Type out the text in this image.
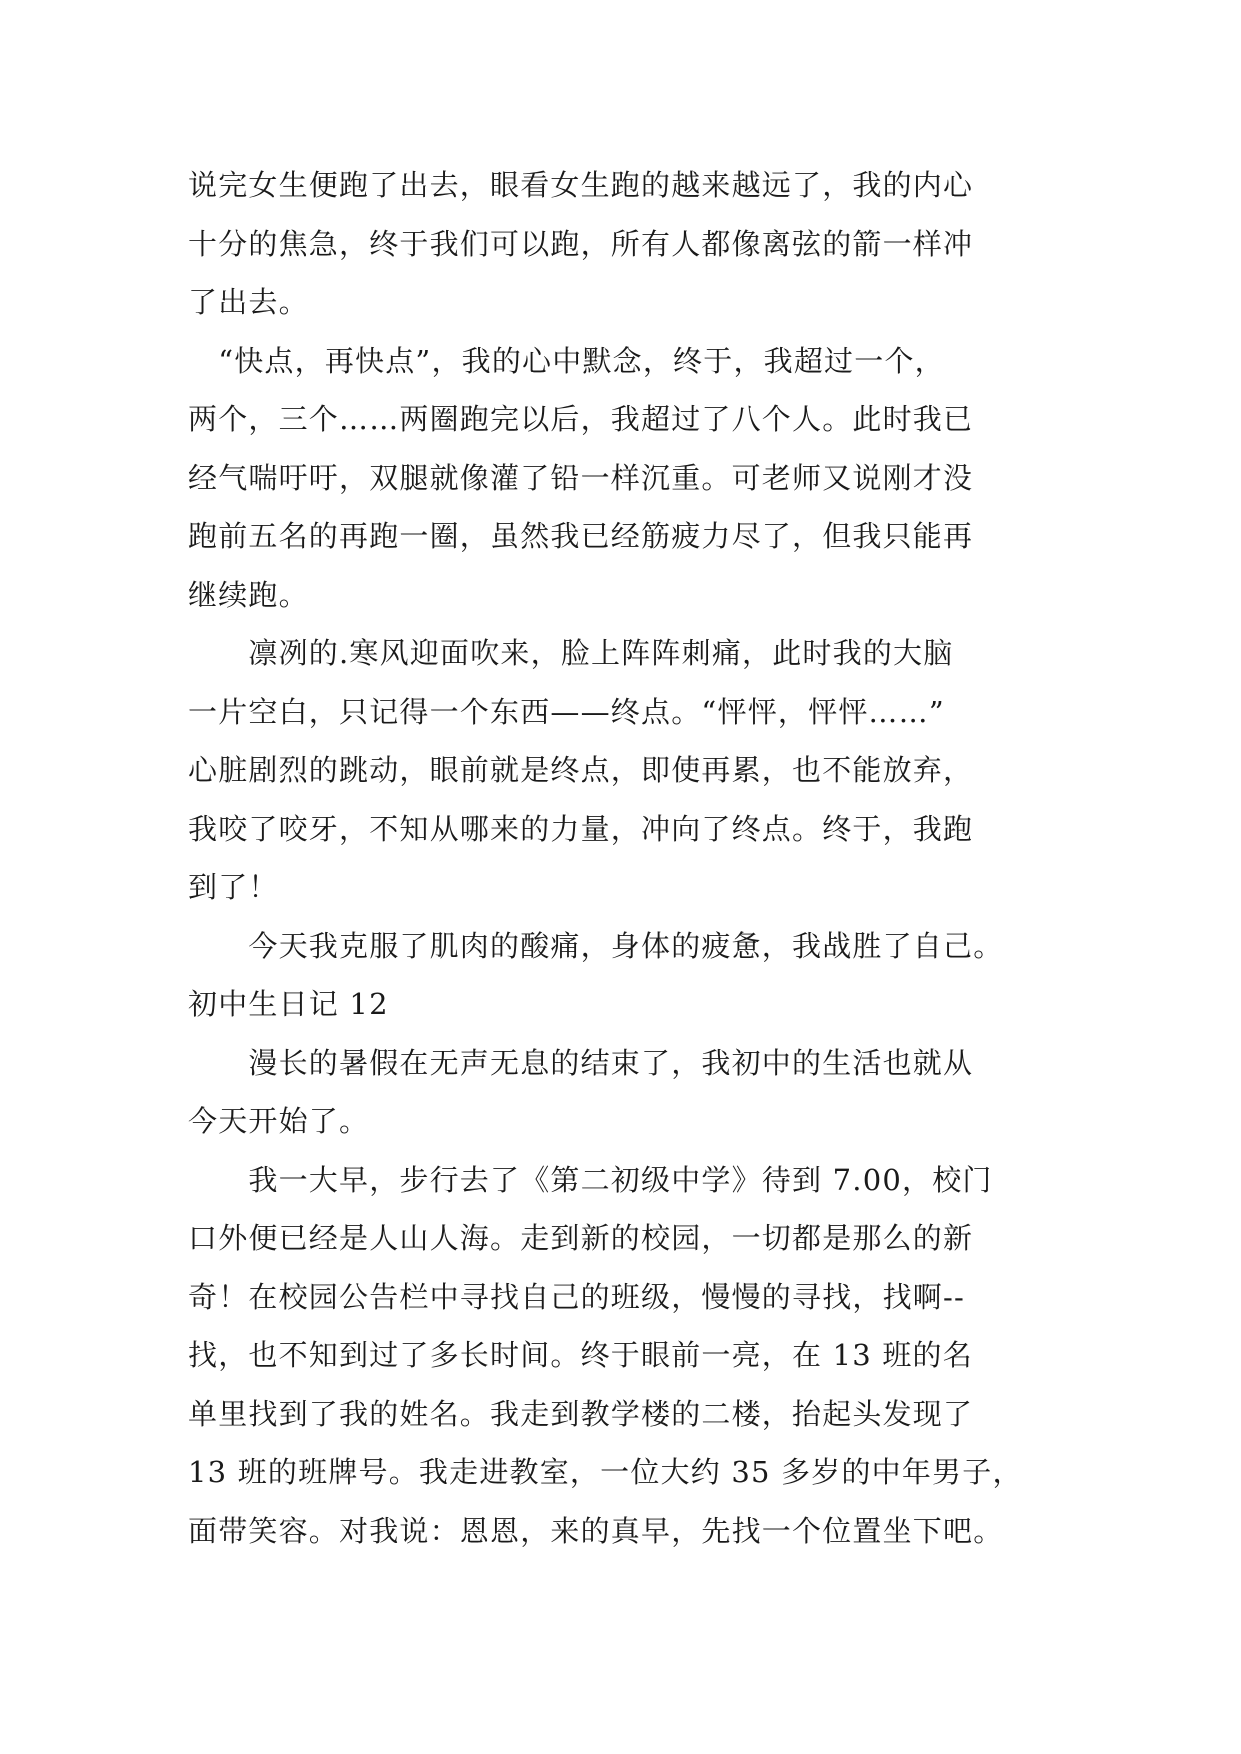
说完女生便跑了出去，眼看女生跑的越来越远了，我的内心
十分的焦急，终于我们可以跑，所有人都像离弦的箭一样冲
了出去。
　“快点，再快点”，我的心中默念，终于，我超过一个，
两个，三个……两圈跑完以后，我超过了八个人。此时我已
经气喘吁吁，双腿就像灌了铅一样沉重。可老师又说刚才没
跑前五名的再跑一圈，虽然我已经筋疲力尽了，但我只能再
继续跑。
　　凛冽的.寒风迎面吹来，脸上阵阵刺痛，此时我的大脑
一片空白，只记得一个东西——终点。“怦怦，怦怦……”
心脏剧烈的跳动，眼前就是终点，即使再累，也不能放弃，
我咬了咬牙，不知从哪来的力量，冲向了终点。终于，我跑
到了！
　　今天我克服了肌肉的酸痛，身体的疲惫，我战胜了自己。
初中生日记 12
　　漫长的暑假在无声无息的结束了，我初中的生活也就从
今天开始了。
　　我一大早，步行去了《第二初级中学》待到 7.00，校门
口外便已经是人山人海。走到新的校园，一切都是那么的新
奇！在校园公告栏中寻找自己的班级，慢慢的寻找，找啊--
找，也不知到过了多长时间。终于眼前一亮，在 13 班的名
单里找到了我的姓名。我走到教学楼的二楼，抬起头发现了
13 班的班牌号。我走进教室，一位大约 35 多岁的中年男子，
面带笑容。对我说：恩恩，来的真早，先找一个位置坐下吧。
